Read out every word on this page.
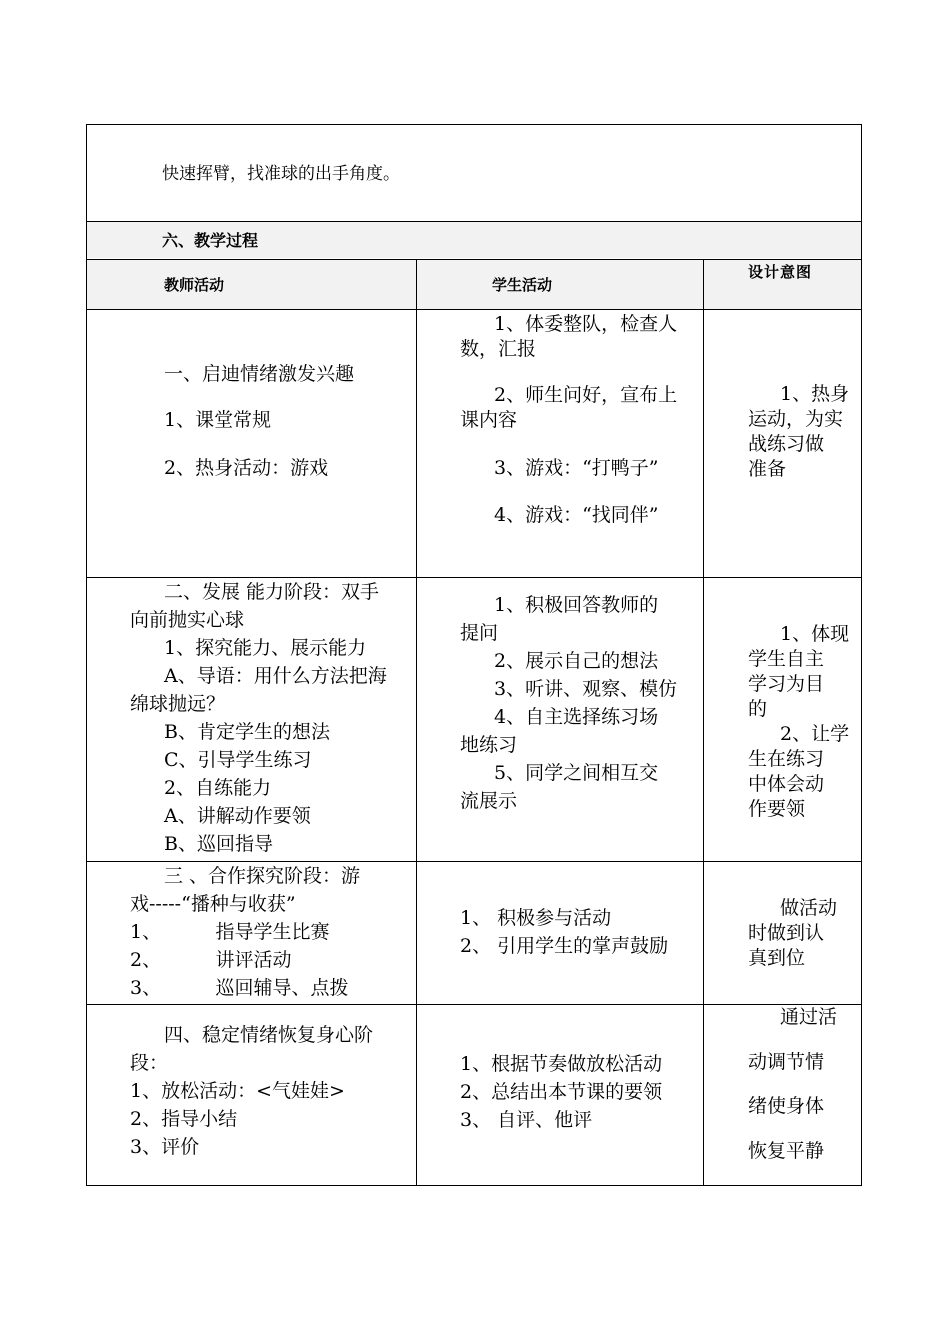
快速挥臂，找准球的出手角度。
六、教学过程
教师活动	学生活动
设计意图
一、启迪情绪激发兴趣
1、课堂常规
2、热身活动：游戏
1、体委整队，检查人
数，汇报
2、师生问好，宣布上
课内容
3、游戏：“打鸭子”
4、游戏：“找同伴”
1、热身
运动，为实
战练习做
准备
二、发展 能力阶段：双手
向前抛实心球
1、探究能力、展示能力
A、导语：用什么方法把海
绵球抛远？
B、肯定学生的想法
C、引导学生练习
2、自练能力
A、讲解动作要领
B、巡回指导
1、积极回答教师的
提问
2、展示自己的想法
3、听讲、观察、模仿
4、自主选择练习场
地练习
5、同学之间相互交
流展示
1、体现
学生自主
学习为目
的
2、让学
生在练习
中体会动
作要领
三 、合作探究阶段：游
戏-----“播种与收获”
1、         指导学生比赛
2、         讲评活动
3、         巡回辅导、点拨
1、 积极参与活动
2、 引用学生的掌声鼓励
做活动
时做到认
真到位
四、稳定情绪恢复身心阶
段：
1、放松活动：<气娃娃>
2、指导小结
3、评价
1、根据节奏做放松活动
2、总结出本节课的要领
3、 自评、他评
通过活
动调节情
绪使身体
恢复平静
